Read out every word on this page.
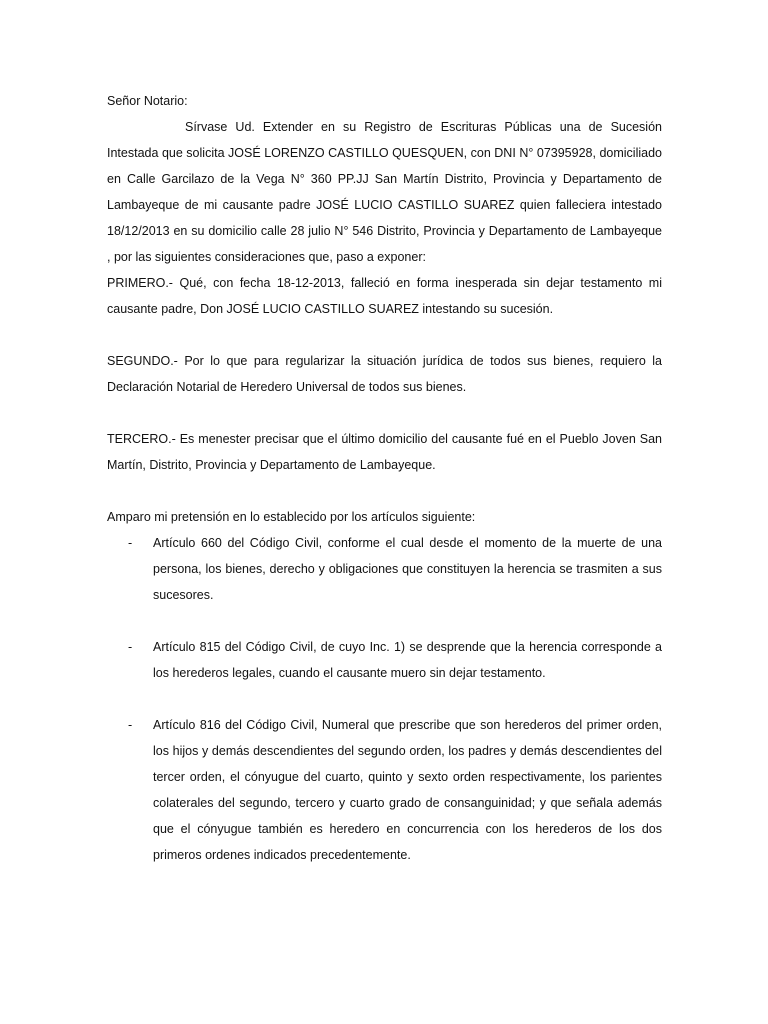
Señor Notario:

Sírvase Ud. Extender en su Registro de Escrituras Públicas una de Sucesión Intestada que solicita JOSÉ LORENZO CASTILLO QUESQUEN, con DNI N° 07395928, domiciliado en Calle Garcilazo de la Vega N° 360 PP.JJ San Martín Distrito, Provincia y Departamento de Lambayeque de mi causante padre JOSÉ LUCIO CASTILLO SUAREZ quien falleciera intestado 18/12/2013 en su domicilio calle 28 julio N° 546 Distrito, Provincia y Departamento de Lambayeque , por las siguientes consideraciones que, paso a exponer:

PRIMERO.- Qué, con fecha 18-12-2013, falleció en forma inesperada sin dejar testamento mi causante padre, Don JOSÉ LUCIO CASTILLO SUAREZ intestando su sucesión.

SEGUNDO.- Por lo que para regularizar la situación jurídica de todos sus bienes, requiero la Declaración Notarial de Heredero Universal de todos sus bienes.

TERCERO.- Es menester precisar que el último domicilio del causante fué en el Pueblo Joven San Martín, Distrito, Provincia y Departamento de Lambayeque.

Amparo mi pretensión en lo establecido por los artículos siguiente:

- Artículo 660 del Código Civil, conforme el cual desde el momento de la muerte de una persona, los bienes, derecho y obligaciones que constituyen la herencia se trasmiten a sus sucesores.
- Artículo 815 del Código Civil, de cuyo Inc. 1) se desprende que la herencia corresponde a los herederos legales, cuando el causante muero sin dejar testamento.
- Artículo 816 del Código Civil, Numeral que prescribe que son herederos del primer orden, los hijos y demás descendientes del segundo orden, los padres y demás descendientes del tercer orden, el cónyugue del cuarto, quinto y sexto orden respectivamente, los parientes colaterales del segundo, tercero y cuarto grado de consanguinidad; y que señala además que el cónyugue también es heredero en concurrencia con los herederos de los dos primeros ordenes indicados precedentemente.
